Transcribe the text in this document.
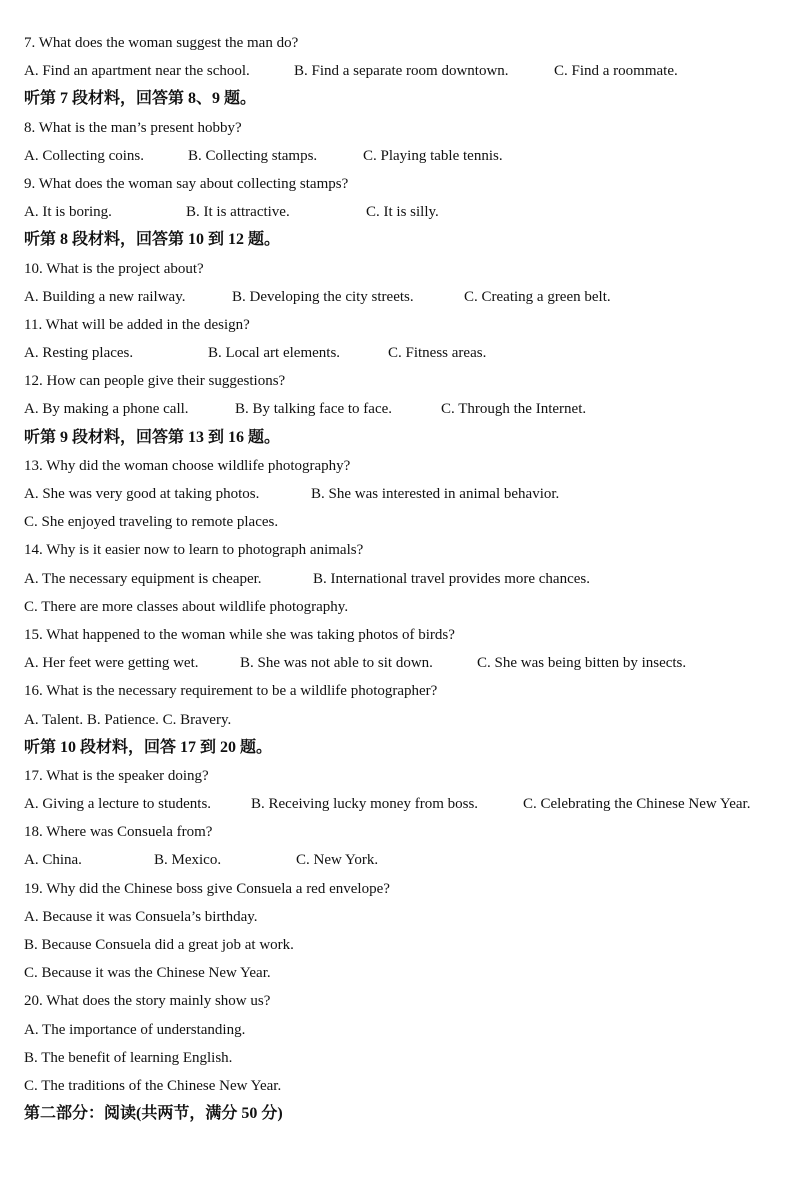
7. What does the woman suggest the man do?
A. Find an apartment near the school.	B. Find a separate room downtown.	C. Find a roommate.
听第 7 段材料，回答第 8、9 题。
8. What is the man’s present hobby?
A. Collecting coins.	B. Collecting stamps.	C. Playing table tennis.
9. What does the woman say about collecting stamps?
A. It is boring.	B. It is attractive.	C. It is silly.
听第 8 段材料，回答第 10 到 12 题。
10. What is the project about?
A. Building a new railway.	B. Developing the city streets.	C. Creating a green belt.
11. What will be added in the design?
A. Resting places.	B. Local art elements.	C. Fitness areas.
12. How can people give their suggestions?
A. By making a phone call.	B. By talking face to face.	C. Through the Internet.
听第 9 段材料，回答第 13 到 16 题。
13. Why did the woman choose wildlife photography?
A. She was very good at taking photos.	B. She was interested in animal behavior.
C. She enjoyed traveling to remote places.
14. Why is it easier now to learn to photograph animals?
A. The necessary equipment is cheaper.	B. International travel provides more chances.
C. There are more classes about wildlife photography.
15. What happened to the woman while she was taking photos of birds?
A. Her feet were getting wet.	B. She was not able to sit down.	C. She was being bitten by insects.
16. What is the necessary requirement to be a wildlife photographer?
A. Talent. B. Patience. C. Bravery.
听第 10 段材料，回答 17 到 20 题。
17. What is the speaker doing?
A. Giving a lecture to students.	B. Receiving lucky money from boss.	C. Celebrating the Chinese New Year.
18. Where was Consuela from?
A. China.	B. Mexico.	C. New York.
19. Why did the Chinese boss give Consuela a red envelope?
A. Because it was Consuela’s birthday.
B. Because Consuela did a great job at work.
C. Because it was the Chinese New Year.
20. What does the story mainly show us?
A. The importance of understanding.
B. The benefit of learning English.
C. The traditions of the Chinese New Year.
第二部分：阅读(共两节，满分 50 分)
